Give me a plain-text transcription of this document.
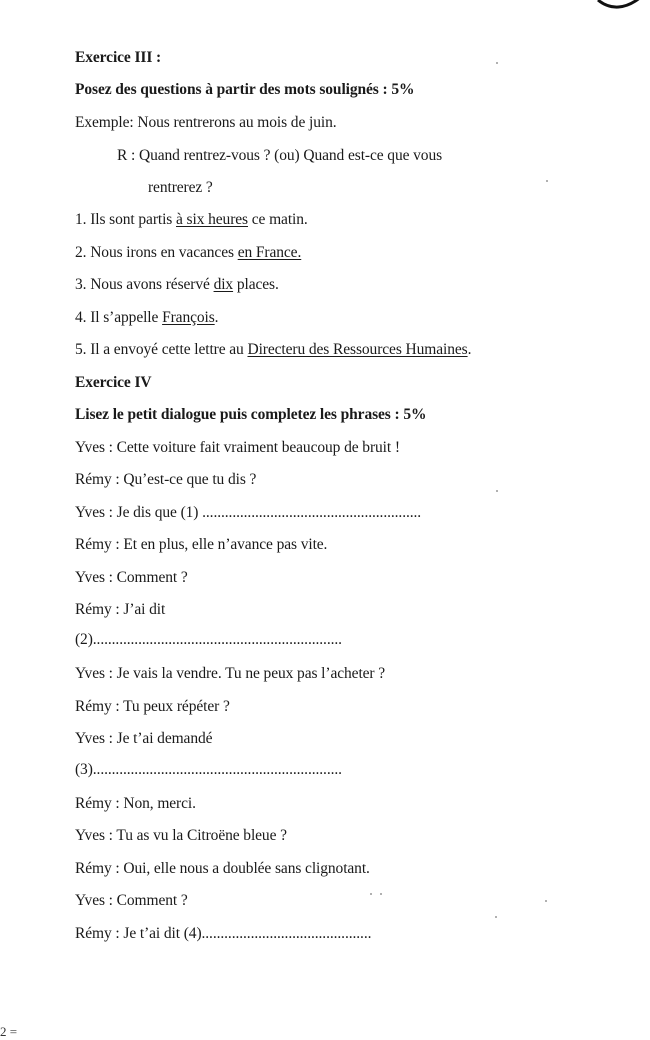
Exercice III :
Posez des questions à partir des mots soulignés : 5%
Exemple: Nous rentrerons au mois de juin.
R : Quand rentrez-vous ? (ou) Quand est-ce que vous
rentrerez ?
1. Ils sont partis à six heures ce matin.
2. Nous irons en vacances en France.
3. Nous avons réservé dix places.
4. Il s’appelle François.
5. Il a envoyé cette lettre au Directeru des Ressources Humaines.
Exercice IV
Lisez le petit dialogue puis completez les phrases : 5%
Yves : Cette voiture fait vraiment beaucoup de bruit !
Rémy : Qu’est-ce que tu dis ?
Yves : Je dis que (1) ..........................................................
Rémy : Et en plus, elle n’avance pas vite.
Yves : Comment ?
Rémy : J’ai dit
(2)..................................................................
Yves : Je vais la vendre. Tu ne peux pas l’acheter ?
Rémy : Tu peux répéter ?
Yves : Je t’ai demandé
(3)..................................................................
Rémy : Non, merci.
Yves : Tu as vu la Citroëne bleue ?
Rémy : Oui, elle nous a doublée sans clignotant.
Yves : Comment ?
Rémy : Je t’ai dit (4).............................................
2 =
